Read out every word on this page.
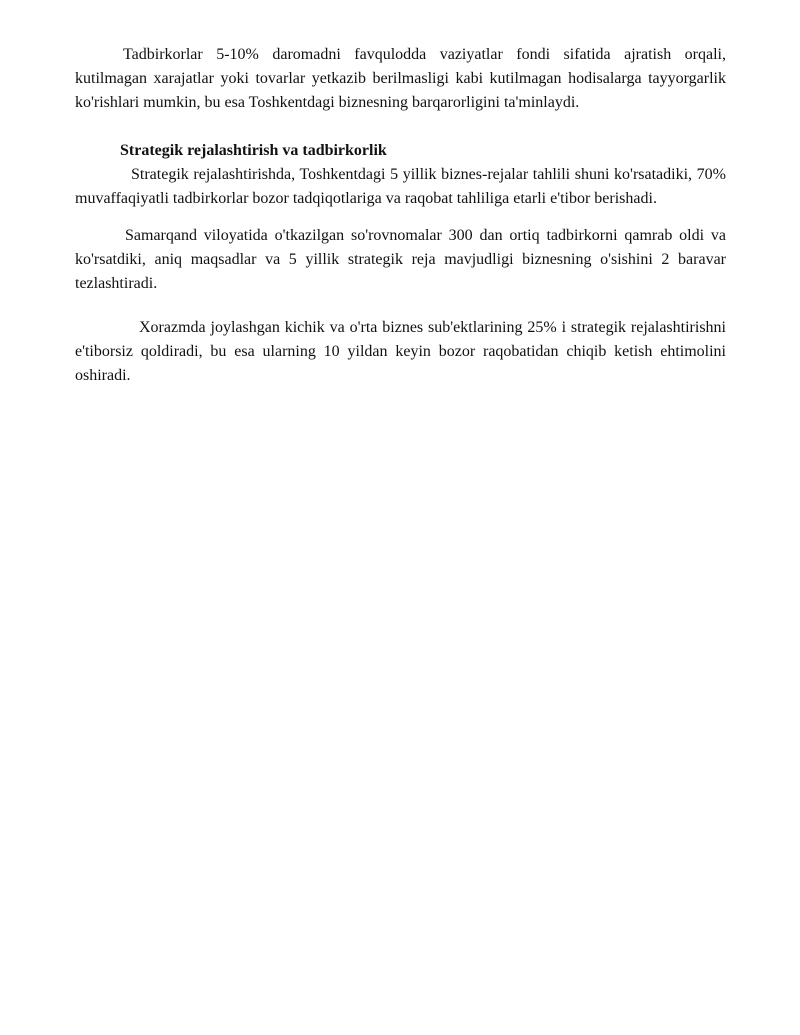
Tadbirkorlar 5-10% daromadni favqulodda vaziyatlar fondi sifatida ajratish orqali, kutilmagan xarajatlar yoki tovarlar yetkazib berilmasligi kabi kutilmagan hodisalarga tayyorgarlik ko'rishlari mumkin, bu esa Toshkentdagi biznesning barqarorligini ta'minlaydi.

Strategik rejalashtirish va tadbirkorlik

Strategik rejalashtirishda, Toshkentdagi 5 yillik biznes-rejalar tahlili shuni ko'rsatadiki, 70% muvaffaqiyatli tadbirkorlar bozor tadqiqotlariga va raqobat tahliliga etarli e'tibor berishadi.

Samarqand viloyatida o'tkazilgan so'rovnomalar 300 dan ortiq tadbirkorni qamrab oldi va ko'rsatdiki, aniq maqsadlar va 5 yillik strategik reja mavjudligi biznesning o'sishini 2 baravar tezlashtiradi.

Xorazmda joylashgan kichik va o'rta biznes sub'ektlarining 25% i strategik rejalashtirishni e'tiborsiz qoldiradi, bu esa ularning 10 yildan keyin bozor raqobatidan chiqib ketish ehtimolini oshiradi.
